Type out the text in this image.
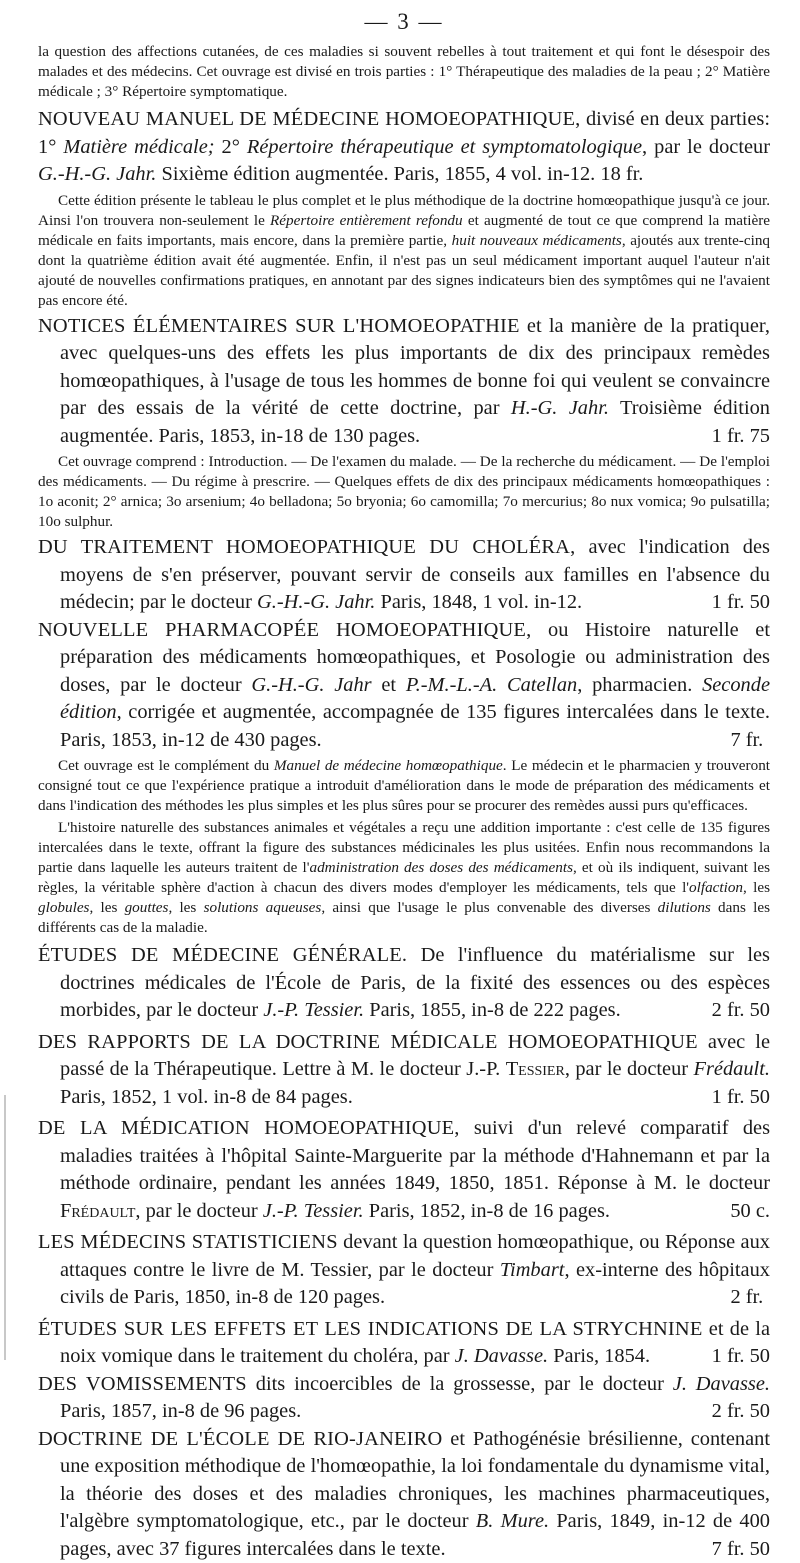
— 3 —

la question des affections cutanées, de ces maladies si souvent rebelles à tout traitement et qui font le désespoir des malades et des médecins. Cet ouvrage est divisé en trois parties : 1° Thérapeutique des maladies de la peau ; 2° Matière médicale ; 3° Répertoire symptomatique.

NOUVEAU MANUEL DE MÉDECINE HOMOEOPATHIQUE, divisé en deux parties: 1° Matière médicale; 2° Répertoire thérapeutique et symptomatologique, par le docteur G.-H.-G. Jahr. Sixième édition augmentée. Paris, 1855, 4 vol. in-12. 18 fr.

Cette édition présente le tableau le plus complet et le plus méthodique de la doctrine homœopathique jusqu'à ce jour. Ainsi l'on trouvera non-seulement le Répertoire entièrement refondu et augmenté de tout ce que comprend la matière médicale en faits importants, mais encore, dans la première partie, huit nouveaux médicaments, ajoutés aux trente-cinq dont la quatrième édition avait été augmentée. Enfin, il n'est pas un seul médicament important auquel l'auteur n'ait ajouté de nouvelles confirmations pratiques, en annotant par des signes indicateurs bien des symptômes qui ne l'avaient pas encore été.

NOTICES ÉLÉMENTAIRES SUR L'HOMOEOPATHIE et la manière de la pratiquer, avec quelques-uns des effets les plus importants de dix des principaux remèdes homœopathiques, à l'usage de tous les hommes de bonne foi qui veulent se convaincre par des essais de la vérité de cette doctrine, par H.-G. Jahr. Troisième édition augmentée. Paris, 1853, in-18 de 130 pages.	1 fr. 75

Cet ouvrage comprend : Introduction. — De l'examen du malade. — De la recherche du médicament. — De l'emploi des médicaments. — Du régime à prescrire. — Quelques effets de dix des principaux médicaments homœopathiques : 1o aconit; 2° arnica; 3o arsenium; 4o belladona; 5o bryonia; 6o camomilla; 7o mercurius; 8o nux vomica; 9o pulsatilla; 10o sulphur.

DU TRAITEMENT HOMOEOPATHIQUE DU CHOLÉRA, avec l'indication des moyens de s'en préserver, pouvant servir de conseils aux familles en l'absence du médecin; par le docteur G.-H.-G. Jahr. Paris, 1848, 1 vol. in-12.	1 fr. 50

NOUVELLE PHARMACOPÉE HOMOEOPATHIQUE, ou Histoire naturelle et préparation des médicaments homœopathiques, et Posologie ou administration des doses, par le docteur G.-H.-G. Jahr et P.-M.-L.-A. Catellan, pharmacien. Seconde édition, corrigée et augmentée, accompagnée de 135 figures intercalées dans le texte. Paris, 1853, in-12 de 430 pages.	7 fr.

Cet ouvrage est le complément du Manuel de médecine homœopathique. Le médecin et le pharmacien y trouveront consigné tout ce que l'expérience pratique a introduit d'amélioration dans le mode de préparation des médicaments et dans l'indication des méthodes les plus simples et les plus sûres pour se procurer des remèdes aussi purs qu'efficaces.

L'histoire naturelle des substances animales et végétales a reçu une addition importante : c'est celle de 135 figures intercalées dans le texte, offrant la figure des substances médicinales les plus usitées. Enfin nous recommandons la partie dans laquelle les auteurs traitent de l'administration des doses des médicaments, et où ils indiquent, suivant les règles, la véritable sphère d'action à chacun des divers modes d'employer les médicaments, tels que l'olfaction, les globules, les gouttes, les solutions aqueuses, ainsi que l'usage le plus convenable des diverses dilutions dans les différents cas de la maladie.

ÉTUDES DE MÉDECINE GÉNÉRALE. De l'influence du matérialisme sur les doctrines médicales de l'École de Paris, de la fixité des essences ou des espèces morbides, par le docteur J.-P. Tessier. Paris, 1855, in-8 de 222 pages.	2 fr. 50

DES RAPPORTS DE LA DOCTRINE MÉDICALE HOMOEOPATHIQUE avec le passé de la Thérapeutique. Lettre à M. le docteur J.-P. Tessier, par le docteur Frédault. Paris, 1852, 1 vol. in-8 de 84 pages.	1 fr. 50

DE LA MÉDICATION HOMOEOPATHIQUE, suivi d'un relevé comparatif des maladies traitées à l'hôpital Sainte-Marguerite par la méthode d'Hahnemann et par la méthode ordinaire, pendant les années 1849, 1850, 1851. Réponse à M. le docteur Frédault, par le docteur J.-P. Tessier. Paris, 1852, in-8 de 16 pages.	50 c.

LES MÉDECINS STATISTICIENS devant la question homœopathique, ou Réponse aux attaques contre le livre de M. Tessier, par le docteur Timbart, ex-interne des hôpitaux civils de Paris, 1850, in-8 de 120 pages.	2 fr.

ÉTUDES SUR LES EFFETS ET LES INDICATIONS DE LA STRYCHNINE et de la noix vomique dans le traitement du choléra, par J. Davasse. Paris, 1854.	1 fr. 50

DES VOMISSEMENTS dits incoercibles de la grossesse, par le docteur J. Davasse. Paris, 1857, in-8 de 96 pages.	2 fr. 50

DOCTRINE DE L'ÉCOLE DE RIO-JANEIRO et Pathogénésie brésilienne, contenant une exposition méthodique de l'homœopathie, la loi fondamentale du dynamisme vital, la théorie des doses et des maladies chroniques, les machines pharmaceutiques, l'algèbre symptomatologique, etc., par le docteur B. Mure. Paris, 1849, in-12 de 400 pages, avec 37 figures intercalées dans le texte.	7 fr. 50
